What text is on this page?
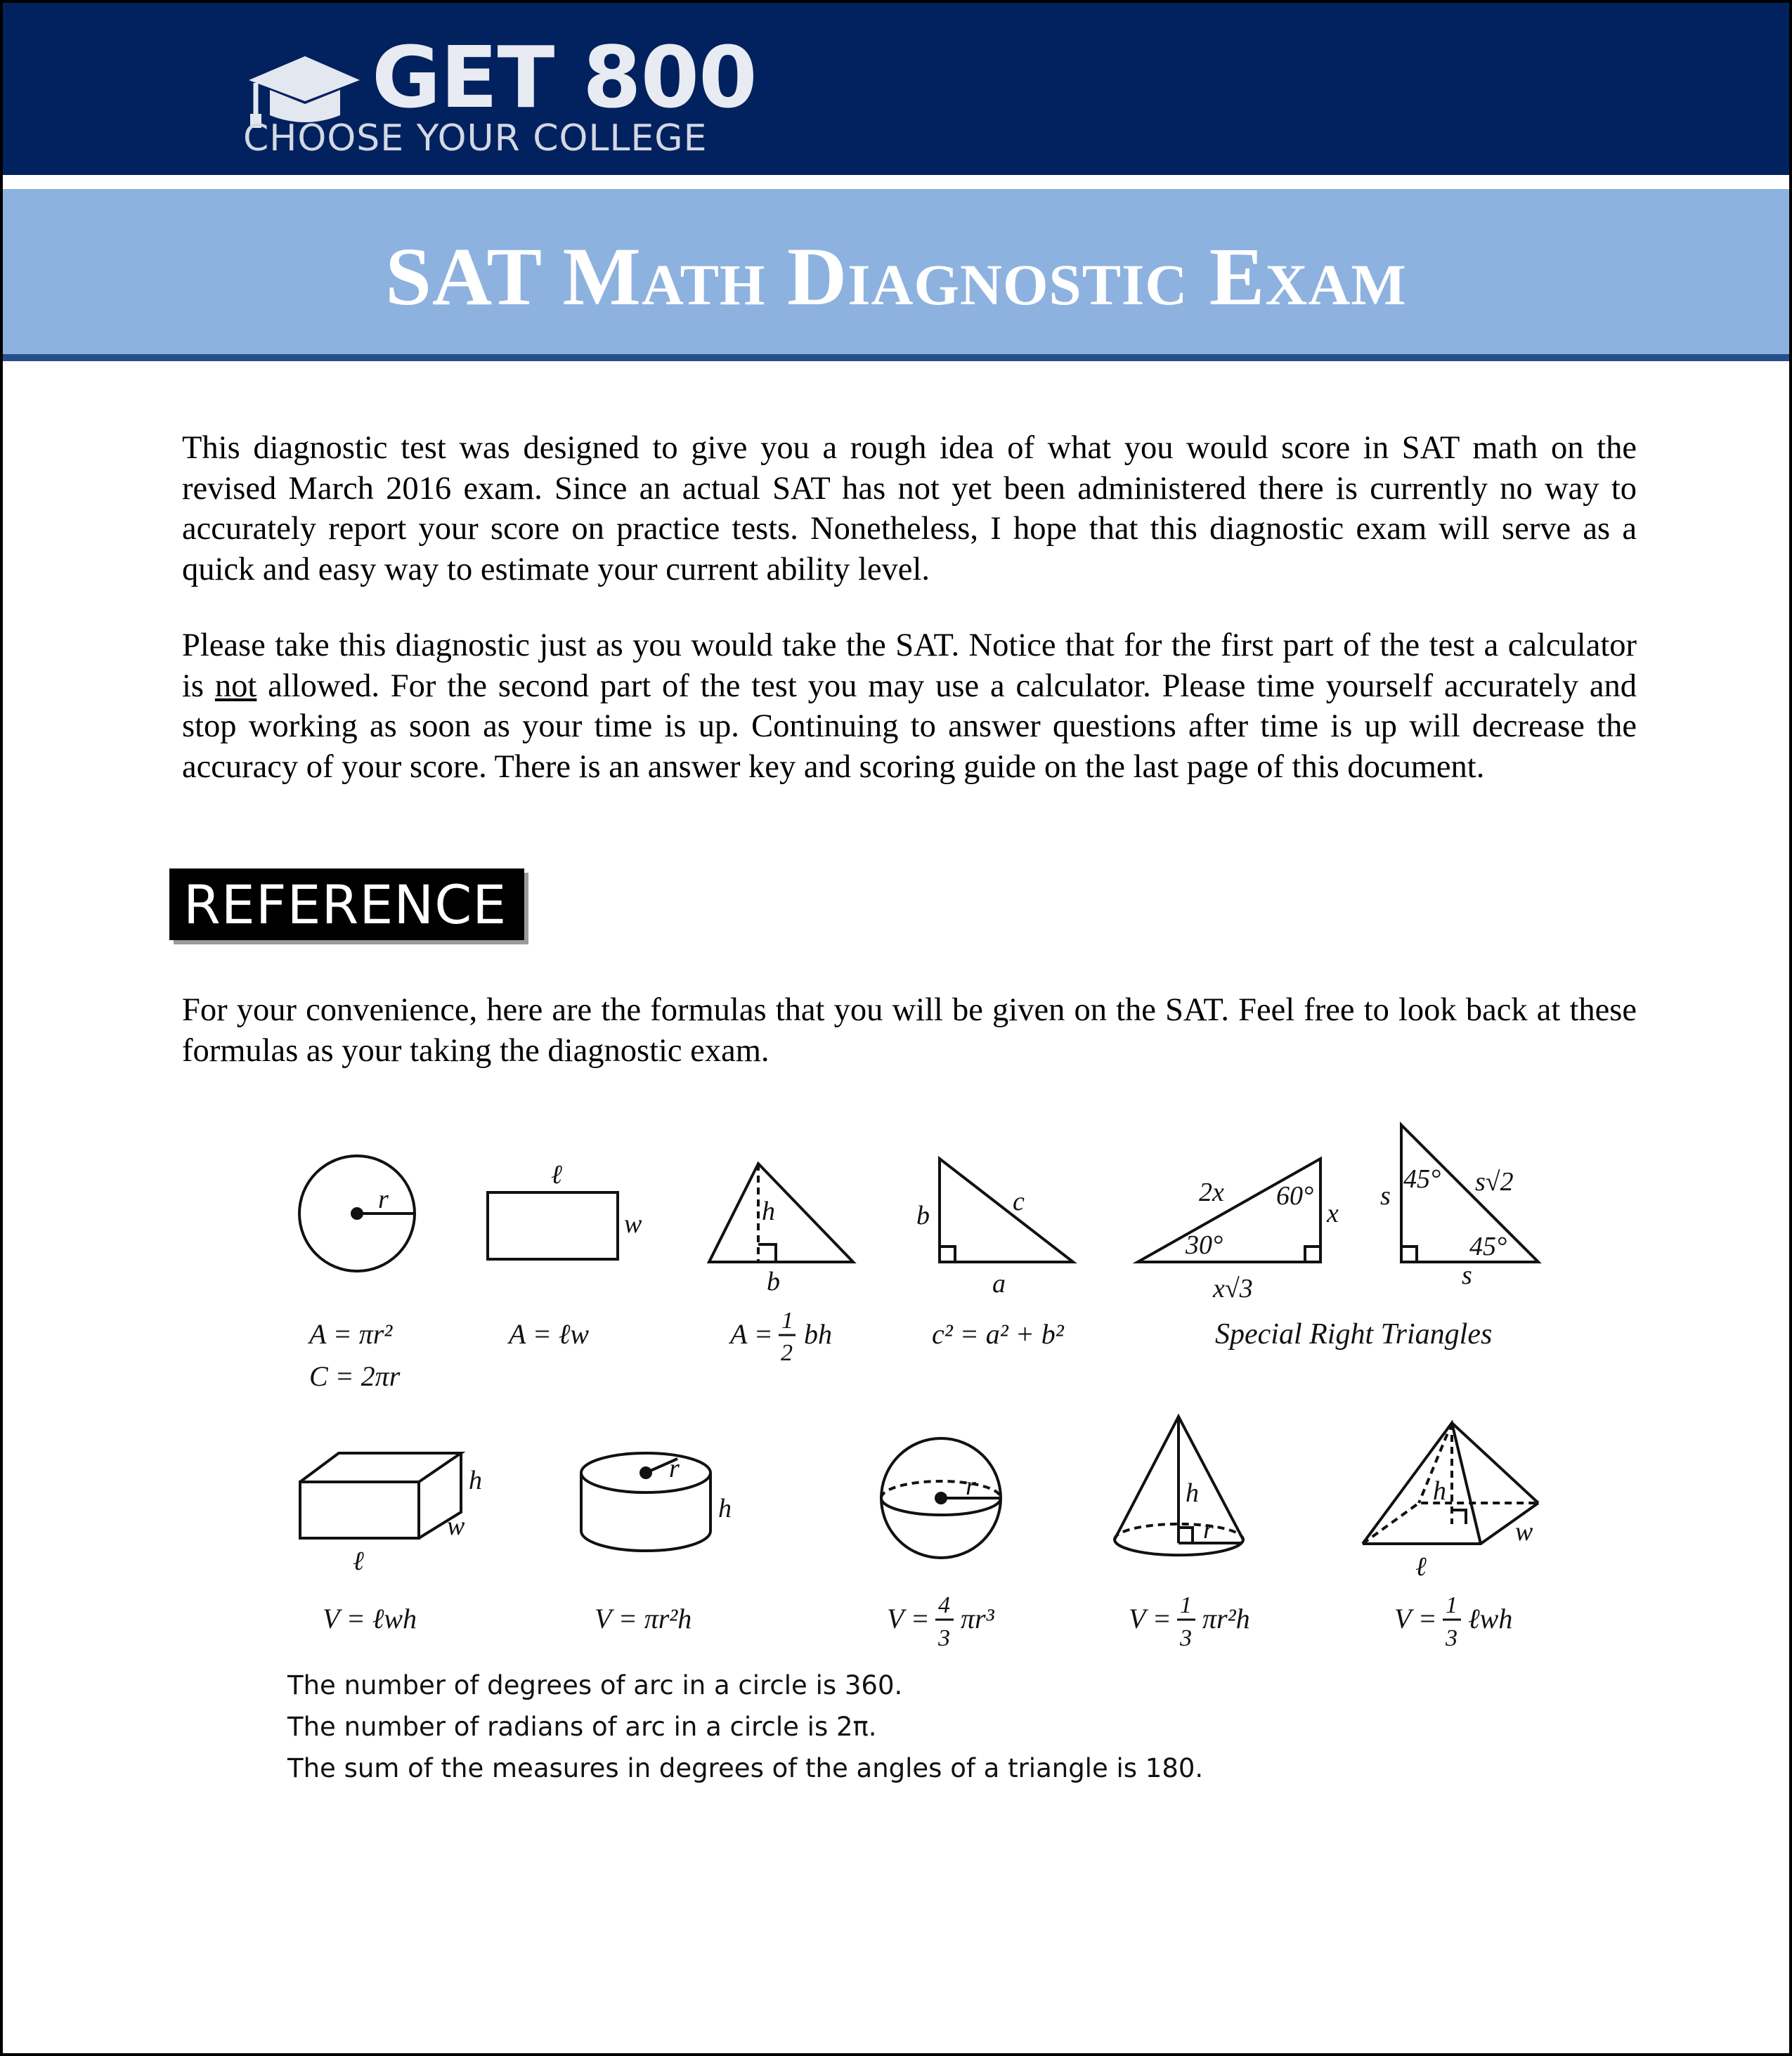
GET 800
CHOOSE YOUR COLLEGE
SAT Math Diagnostic Exam
This diagnostic test was designed to give you a rough idea of what you would score in SAT math on the revised March 2016 exam. Since an actual SAT has not yet been administered there is currently no way to accurately report your score on practice tests. Nonetheless, I hope that this diagnostic exam will serve as a quick and easy way to estimate your current ability level.
Please take this diagnostic just as you would take the SAT. Notice that for the first part of the test a calculator is not allowed. For the second part of the test you may use a calculator. Please time yourself accurately and stop working as soon as your time is up. Continuing to answer questions after time is up will decrease the accuracy of your score. There is an answer key and scoring guide on the last page of this document.
REFERENCE
For your convenience, here are the formulas that you will be given on the SAT. Feel free to look back at these formulas as your taking the diagnostic exam.
r
ℓ
w	h
b
b	c
a
2x 60°
x
30°
x√3
s
45° s√2
45°
s
A = πr²
C = 2πr
A = ℓw	A = 1
2
bh	c² = a² + b²	Special Right Triangles
h
w
ℓ
r
h
r	h
r
h
w
ℓ
V = ℓwh	V = πr²h	V = 4
3
πr³	V = 1
3
πr²h	V = 1
3
ℓwh
The number of degrees of arc in a circle is 360.
The number of radians of arc in a circle is 2π.
The sum of the measures in degrees of the angles of a triangle is 180.
